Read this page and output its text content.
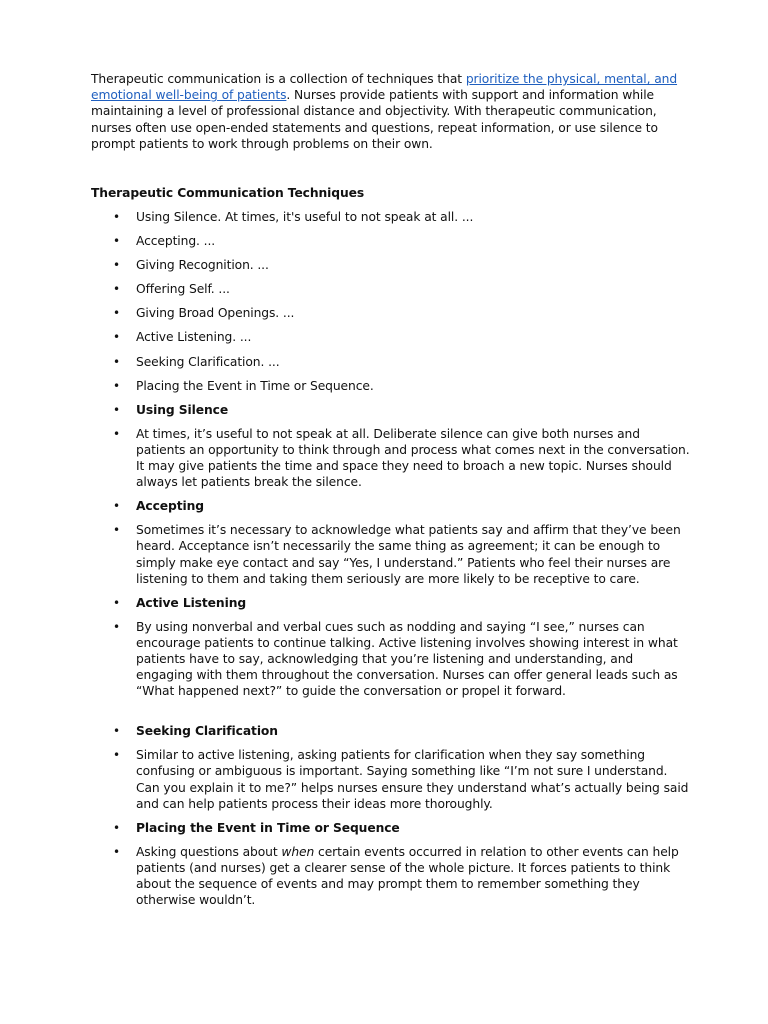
Therapeutic communication is a collection of techniques that prioritize the physical, mental, and emotional well-being of patients. Nurses provide patients with support and information while maintaining a level of professional distance and objectivity. With therapeutic communication, nurses often use open-ended statements and questions, repeat information, or use silence to prompt patients to work through problems on their own.

Therapeutic Communication Techniques

• Using Silence. At times, it's useful to not speak at all. ...
• Accepting. ...
• Giving Recognition. ...
• Offering Self. ...
• Giving Broad Openings. ...
• Active Listening. ...
• Seeking Clarification. ...
• Placing the Event in Time or Sequence.
• Using Silence
• At times, it’s useful to not speak at all. Deliberate silence can give both nurses and patients an opportunity to think through and process what comes next in the conversation. It may give patients the time and space they need to broach a new topic. Nurses should always let patients break the silence.
• Accepting
• Sometimes it’s necessary to acknowledge what patients say and affirm that they’ve been heard. Acceptance isn’t necessarily the same thing as agreement; it can be enough to simply make eye contact and say “Yes, I understand.” Patients who feel their nurses are listening to them and taking them seriously are more likely to be receptive to care.
• Active Listening
• By using nonverbal and verbal cues such as nodding and saying “I see,” nurses can encourage patients to continue talking. Active listening involves showing interest in what patients have to say, acknowledging that you’re listening and understanding, and engaging with them throughout the conversation. Nurses can offer general leads such as “What happened next?” to guide the conversation or propel it forward.
• Seeking Clarification
• Similar to active listening, asking patients for clarification when they say something confusing or ambiguous is important. Saying something like “I’m not sure I understand. Can you explain it to me?” helps nurses ensure they understand what’s actually being said and can help patients process their ideas more thoroughly.
• Placing the Event in Time or Sequence
• Asking questions about when certain events occurred in relation to other events can help patients (and nurses) get a clearer sense of the whole picture. It forces patients to think about the sequence of events and may prompt them to remember something they otherwise wouldn’t.
